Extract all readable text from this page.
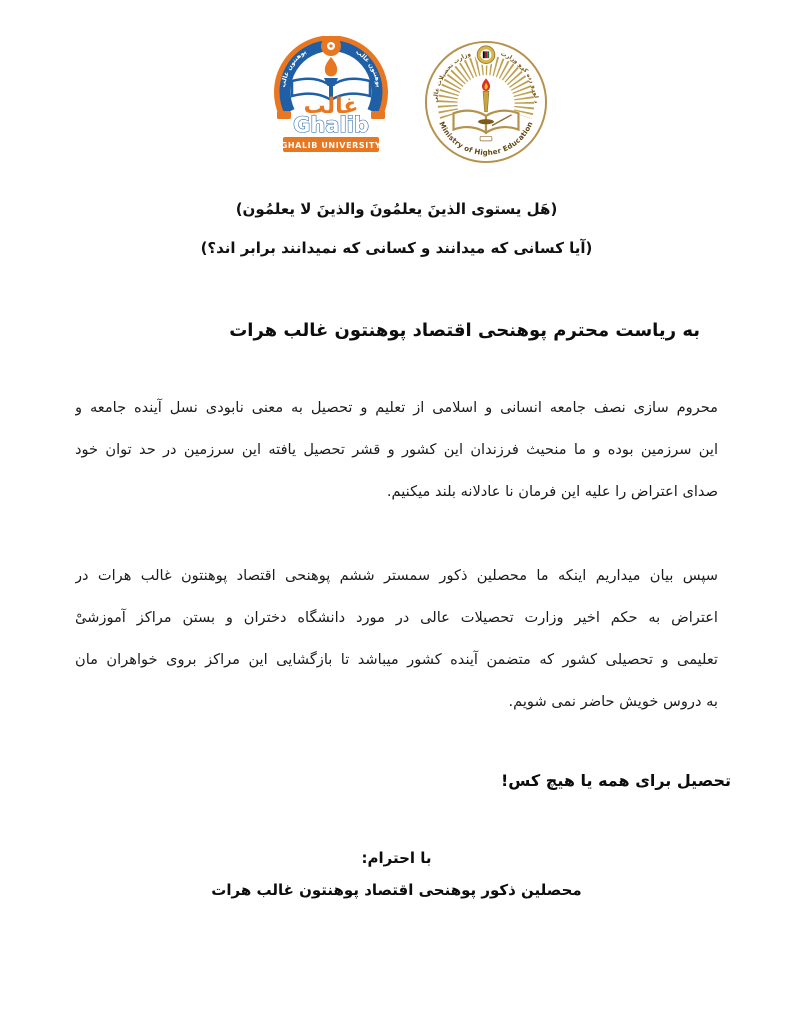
پوهنتون غالب	پوهنتون غالب
غالب
Ghalib
GHALIB UNIVERSITY
Ministry of Higher Education
وزارت تحصیلات عالی	د لوړو زده کړو وزارت
(هَل يستوى الذينَ يعلمُونَ والذينَ لا يعلمُون)
(آیا کسانی که میدانند و کسانی که نمیدانند برابر اند؟)
به ریاست محترم پوهنحی اقتصاد پوهنتون غالب هرات
محروم سازی نصف جامعه انسانی و اسلامی از تعلیم و تحصیل به معنی نابودی نسل آینده جامعه و
این سرزمین بوده و ما منحیث فرزندان این کشور و قشر تحصیل یافته این سرزمین در حد توان خود
صدای اعتراض را علیه این فرمان نا عادلانه بلند میکنیم.
سپس بیان میداریم اینکه ما محصلین ذکور سمستر ششم پوهنحی اقتصاد پوهنتون غالب هرات در
اعتراض به حکم اخیر وزارت تحصیلات عالی در مورد دانشگاه دختران و بستن مراکز آموزشیْ
تعلیمی و تحصیلی کشور که متضمن آینده کشور میباشد تا بازگشایی این مراکز بروی خواهران مان
به دروس خویش حاضر نمی شویم.
تحصیل برای همه یا هیچ کس!
با احترام:
محصلین ذکور پوهنحی اقتصاد پوهنتون غالب هرات
